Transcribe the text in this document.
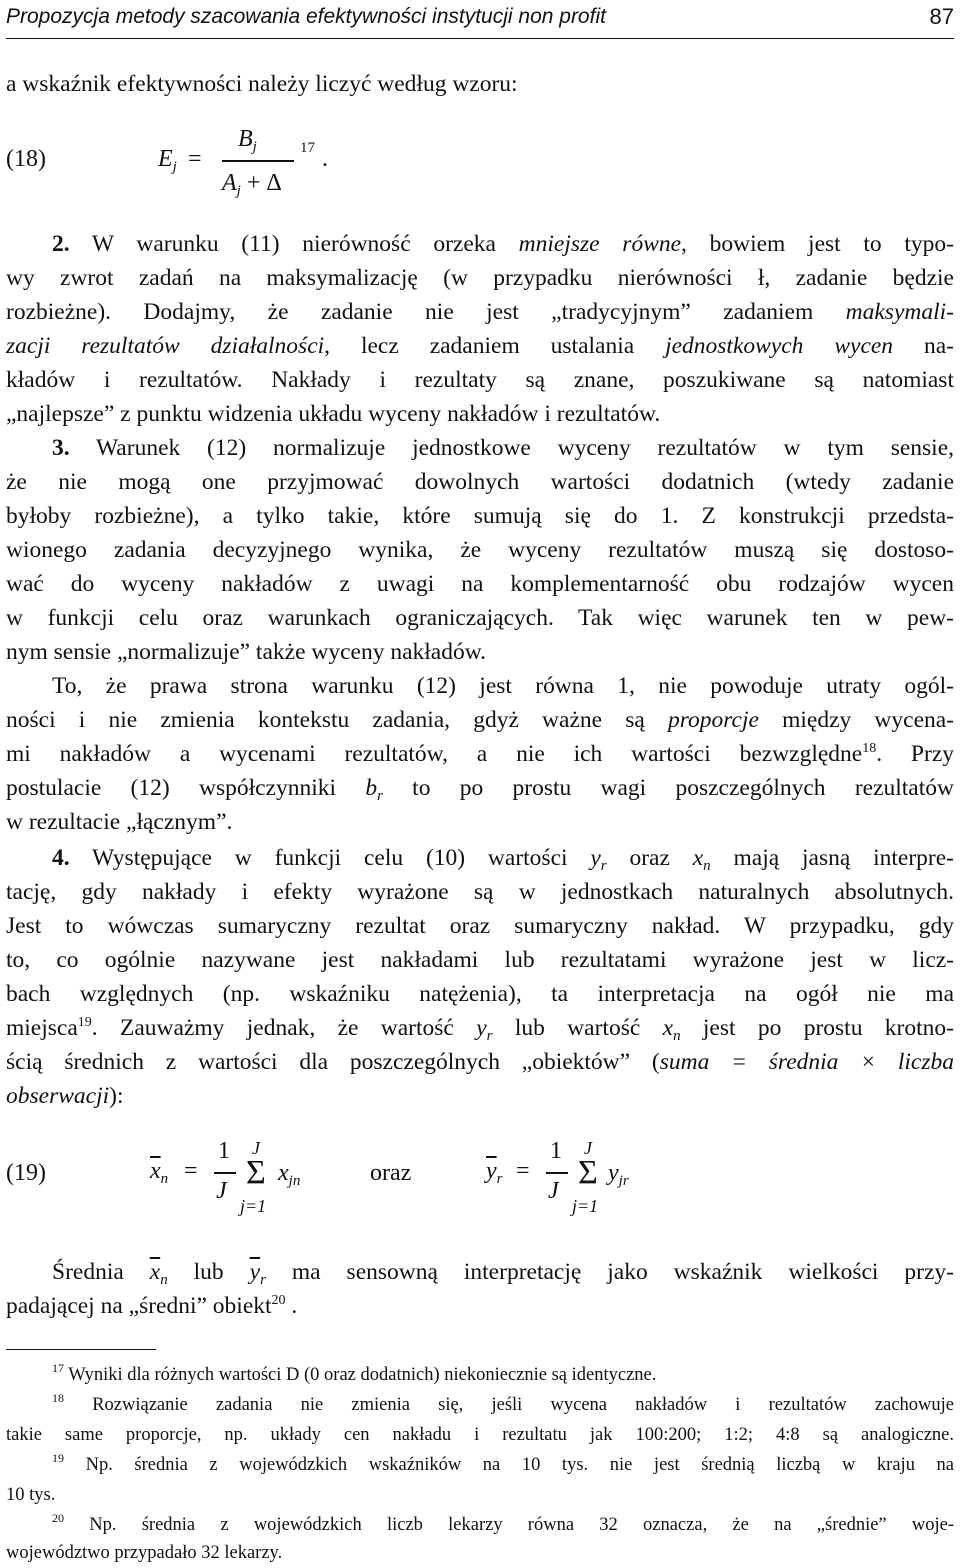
Propozycja metody szacowania efektywności instytucji non profit	87
a wskaźnik efektywności należy liczyć według wzoru:
(18)	$E_j$ =
$B_j$
$A_j + \Delta$
17 .
2. W warunku (11) nierówność orzeka mniejsze równe, bowiem jest to typo-
wy zwrot zadań na maksymalizację (w przypadku nierówności ł, zadanie będzie
rozbieżne). Dodajmy, że zadanie nie jest „tradycyjnym” zadaniem maksymali-
zacji rezultatów działalności, lecz zadaniem ustalania jednostkowych wycen na-
kładów i rezultatów. Nakłady i rezultaty są znane, poszukiwane są natomiast
„najlepsze” z punktu widzenia układu wyceny nakładów i rezultatów.
3. Warunek (12) normalizuje jednostkowe wyceny rezultatów w tym sensie,
że nie mogą one przyjmować dowolnych wartości dodatnich (wtedy zadanie
byłoby rozbieżne), a tylko takie, które sumują się do 1. Z konstrukcji przedsta-
wionego zadania decyzyjnego wynika, że wyceny rezultatów muszą się dostoso-
wać do wyceny nakładów z uwagi na komplementarność obu rodzajów wycen
w funkcji celu oraz warunkach ograniczających. Tak więc warunek ten w pew-
nym sensie „normalizuje” także wyceny nakładów.
To, że prawa strona warunku (12) jest równa 1, nie powoduje utraty ogól-
ności i nie zmienia kontekstu zadania, gdyż ważne są proporcje między wycena-
mi nakładów a wycenami rezultatów, a nie ich wartości bezwzględne$^{18}$. Przy
postulacie (12) współczynniki $b_r$ to po prostu wagi poszczególnych rezultatów
w rezultacie „łącznym”.
4. Występujące w funkcji celu (10) wartości $y_r$ oraz $x_n$ mają jasną interpre-
tację, gdy nakłady i efekty wyrażone są w jednostkach naturalnych absolutnych.
Jest to wówczas sumaryczny rezultat oraz sumaryczny nakład. W przypadku, gdy
to, co ogólnie nazywane jest nakładami lub rezultatami wyrażone jest w licz-
bach względnych (np. wskaźniku natężenia), ta interpretacja na ogół nie ma
miejsca$^{19}$. Zauważmy jednak, że wartość $y_r$ lub wartość $x_n$ jest po prostu krotno-
ścią średnich z wartości dla poszczególnych „obiektów” (suma = średnia × liczba
obserwacji):
(19)	$\overline{x}_n$ =
1
J
J
Σ
j=1
$x_{jn}$	oraz	$\overline{y}_r$ =
1
J
J
Σ
j=1
$y_{jr}$
Średnia $\overline{x}_n$ lub $\overline{y}_r$ ma sensowną interpretację jako wskaźnik wielkości przy-
padającej na „średni” obiekt$^{20}$ .
$^{17}$ Wyniki dla różnych wartości D (0 oraz dodatnich) niekoniecznie są identyczne.
$^{18}$ Rozwiązanie zadania nie zmienia się, jeśli wycena nakładów i rezultatów zachowuje
takie same proporcje, np. układy cen nakładu i rezultatu jak 100:200; 1:2; 4:8 są analogiczne.
$^{19}$ Np. średnia z wojewódzkich wskaźników na 10 tys. nie jest średnią liczbą w kraju na
10 tys.
$^{20}$ Np. średnia z wojewódzkich liczb lekarzy równa 32 oznacza, że na „średnie” woje-
województwo przypadało 32 lekarzy.
